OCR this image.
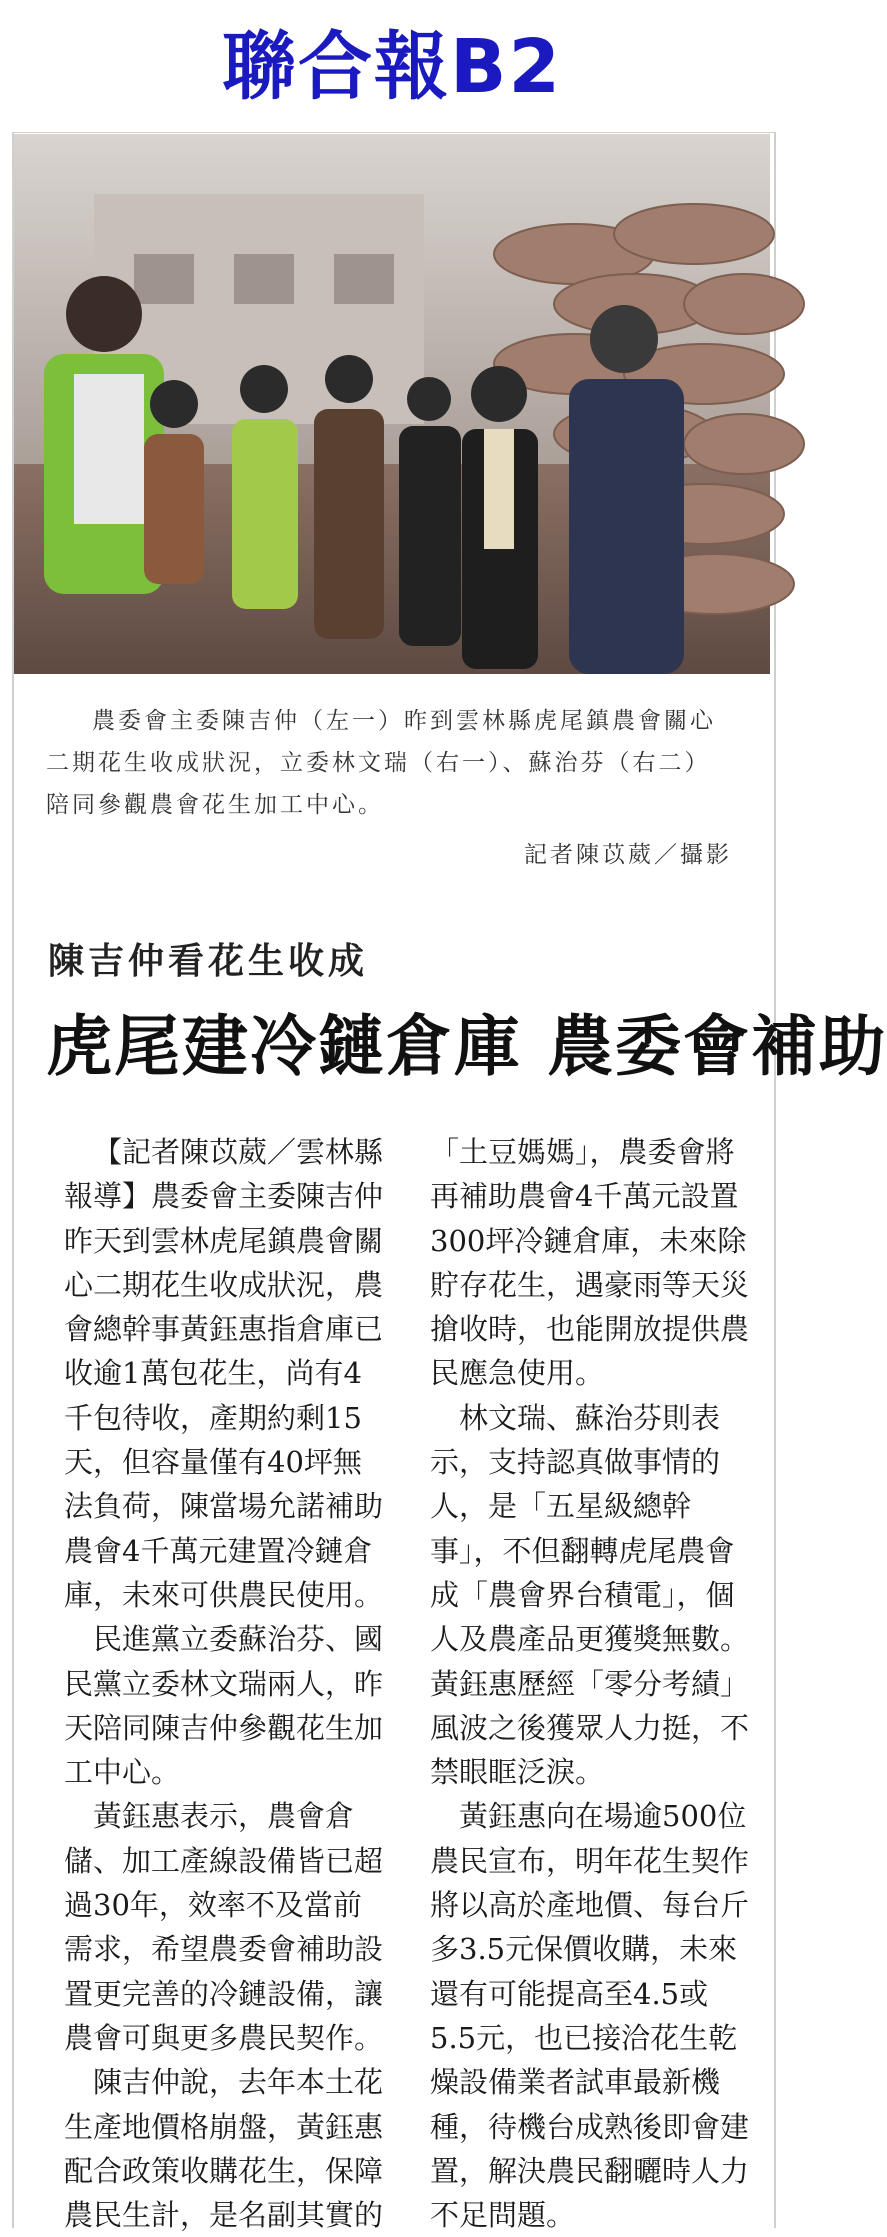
聯合報B2

農委會主委陳吉仲（左一）昨到雲林縣虎尾鎮農會關心二期花生收成狀況，立委林文瑞（右一）、蘇治芬（右二）陪同參觀農會花生加工中心。

記者陳苡葳／攝影
陳吉仲看花生收成
虎尾建冷鏈倉庫 農委會補助

【記者陳苡葳／雲林縣報導】農委會主委陳吉仲昨天到雲林虎尾鎮農會關心二期花生收成狀況，農會總幹事黃鈺惠指倉庫已收逾1萬包花生，尚有4千包待收，產期約剩15天，但容量僅有40坪無法負荷，陳當場允諾補助農會4千萬元建置冷鏈倉庫，未來可供農民使用。

民進黨立委蘇治芬、國民黨立委林文瑞兩人，昨天陪同陳吉仲參觀花生加工中心。

黃鈺惠表示，農會倉儲、加工產線設備皆已超過30年，效率不及當前需求，希望農委會補助設置更完善的冷鏈設備，讓農會可與更多農民契作。

陳吉仲說，去年本土花生產地價格崩盤，黃鈺惠配合政策收購花生，保障農民生計，是名副其實的

「土豆媽媽」，農委會將再補助農會4千萬元設置300坪冷鏈倉庫，未來除貯存花生，遇豪雨等天災搶收時，也能開放提供農民應急使用。

林文瑞、蘇治芬則表示，支持認真做事情的人，是「五星級總幹事」，不但翻轉虎尾農會成「農會界台積電」，個人及農產品更獲獎無數。黃鈺惠歷經「零分考績」風波之後獲眾人力挺，不禁眼眶泛淚。

黃鈺惠向在場逾500位農民宣布，明年花生契作將以高於產地價、每台斤多3.5元保價收購，未來還有可能提高至4.5或5.5元，也已接洽花生乾燥設備業者試車最新機種，待機台成熟後即會建置，解決農民翻曬時人力不足問題。
